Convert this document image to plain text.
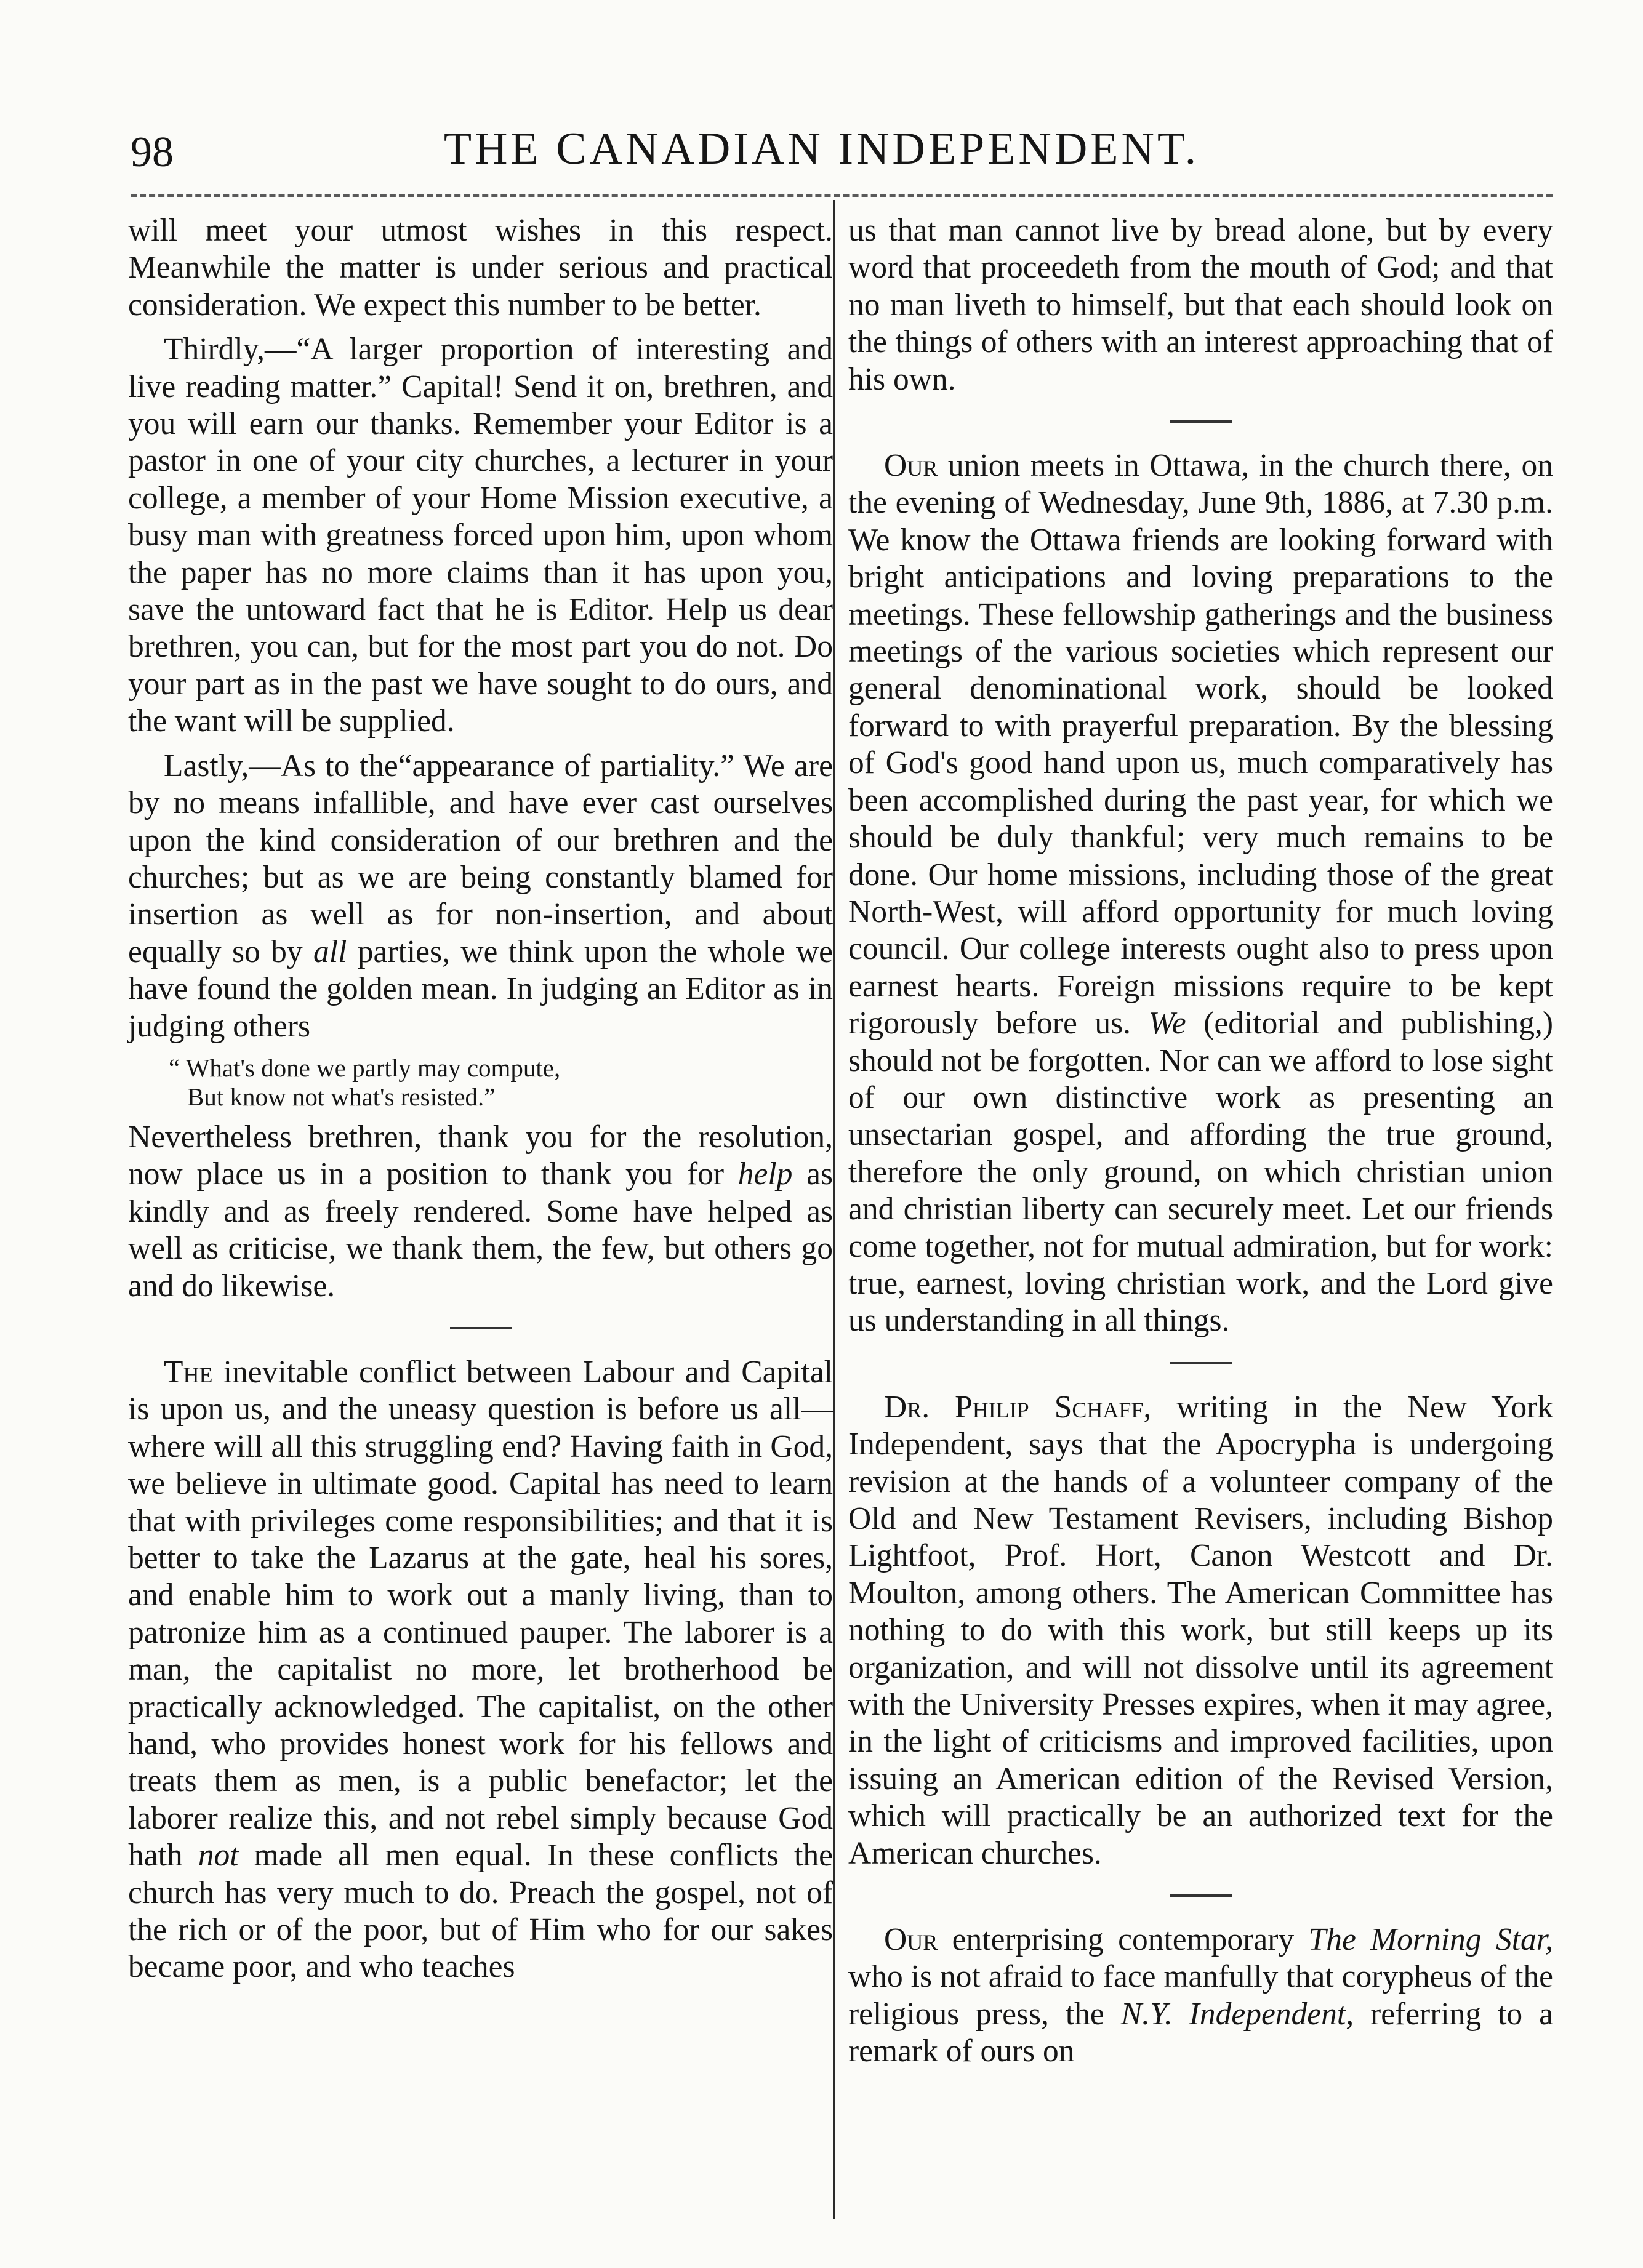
98	THE CANADIAN INDEPENDENT.

will meet your utmost wishes in this respect. Meanwhile the matter is under serious and practical consideration. We expect this number to be better.

Thirdly,—“A larger proportion of interesting and live reading matter.” Capital! Send it on, brethren, and you will earn our thanks. Remember your Editor is a pastor in one of your city churches, a lecturer in your college, a member of your Home Mission executive, a busy man with greatness forced upon him, upon whom the paper has no more claims than it has upon you, save the untoward fact that he is Editor. Help us dear brethren, you can, but for the most part you do not. Do your part as in the past we have sought to do ours, and the want will be supplied.

Lastly,—As to the“appearance of partiality.” We are by no means infallible, and have ever cast ourselves upon the kind consideration of our brethren and the churches; but as we are being constantly blamed for insertion as well as for non-insertion, and about equally so by all parties, we think upon the whole we have found the golden mean. In judging an Editor as in judging others

“ What's done we partly may compute,
But know not what's resisted.”

Nevertheless brethren, thank you for the resolution, now place us in a position to thank you for help as kindly and as freely rendered. Some have helped as well as criticise, we thank them, the few, but others go and do likewise.

The inevitable conflict between Labour and Capital is upon us, and the uneasy question is before us all—where will all this struggling end? Having faith in God, we believe in ultimate good. Capital has need to learn that with privileges come responsibilities; and that it is better to take the Lazarus at the gate, heal his sores, and enable him to work out a manly living, than to patronize him as a continued pauper. The laborer is a man, the capitalist no more, let brotherhood be practically acknowledged. The capitalist, on the other hand, who provides honest work for his fellows and treats them as men, is a public benefactor; let the laborer realize this, and not rebel simply because God hath not made all men equal. In these conflicts the church has very much to do. Preach the gospel, not of the rich or of the poor, but of Him who for our sakes became poor, and who teaches

us that man cannot live by bread alone, but by every word that proceedeth from the mouth of God; and that no man liveth to himself, but that each should look on the things of others with an interest approaching that of his own.

Our union meets in Ottawa, in the church there, on the evening of Wednesday, June 9th, 1886, at 7.30 p.m. We know the Ottawa friends are looking forward with bright anticipations and loving preparations to the meetings. These fellowship gatherings and the business meetings of the various societies which represent our general denominational work, should be looked forward to with prayerful preparation. By the blessing of God's good hand upon us, much comparatively has been accomplished during the past year, for which we should be duly thankful; very much remains to be done. Our home missions, including those of the great North-West, will afford opportunity for much loving council. Our college interests ought also to press upon earnest hearts. Foreign missions require to be kept rigorously before us. We (editorial and publishing,) should not be forgotten. Nor can we afford to lose sight of our own distinctive work as presenting an unsectarian gospel, and affording the true ground, therefore the only ground, on which christian union and christian liberty can securely meet. Let our friends come together, not for mutual admiration, but for work: true, earnest, loving christian work, and the Lord give us understanding in all things.

Dr. Philip Schaff, writing in the New York Independent, says that the Apocrypha is undergoing revision at the hands of a volunteer company of the Old and New Testament Revisers, including Bishop Lightfoot, Prof. Hort, Canon Westcott and Dr. Moulton, among others. The American Committee has nothing to do with this work, but still keeps up its organization, and will not dissolve until its agreement with the University Presses expires, when it may agree, in the light of criticisms and improved facilities, upon issuing an American edition of the Revised Version, which will practically be an authorized text for the American churches.

Our enterprising contemporary The Morning Star, who is not afraid to face manfully that corypheus of the religious press, the N.Y. Independent, referring to a remark of ours on
